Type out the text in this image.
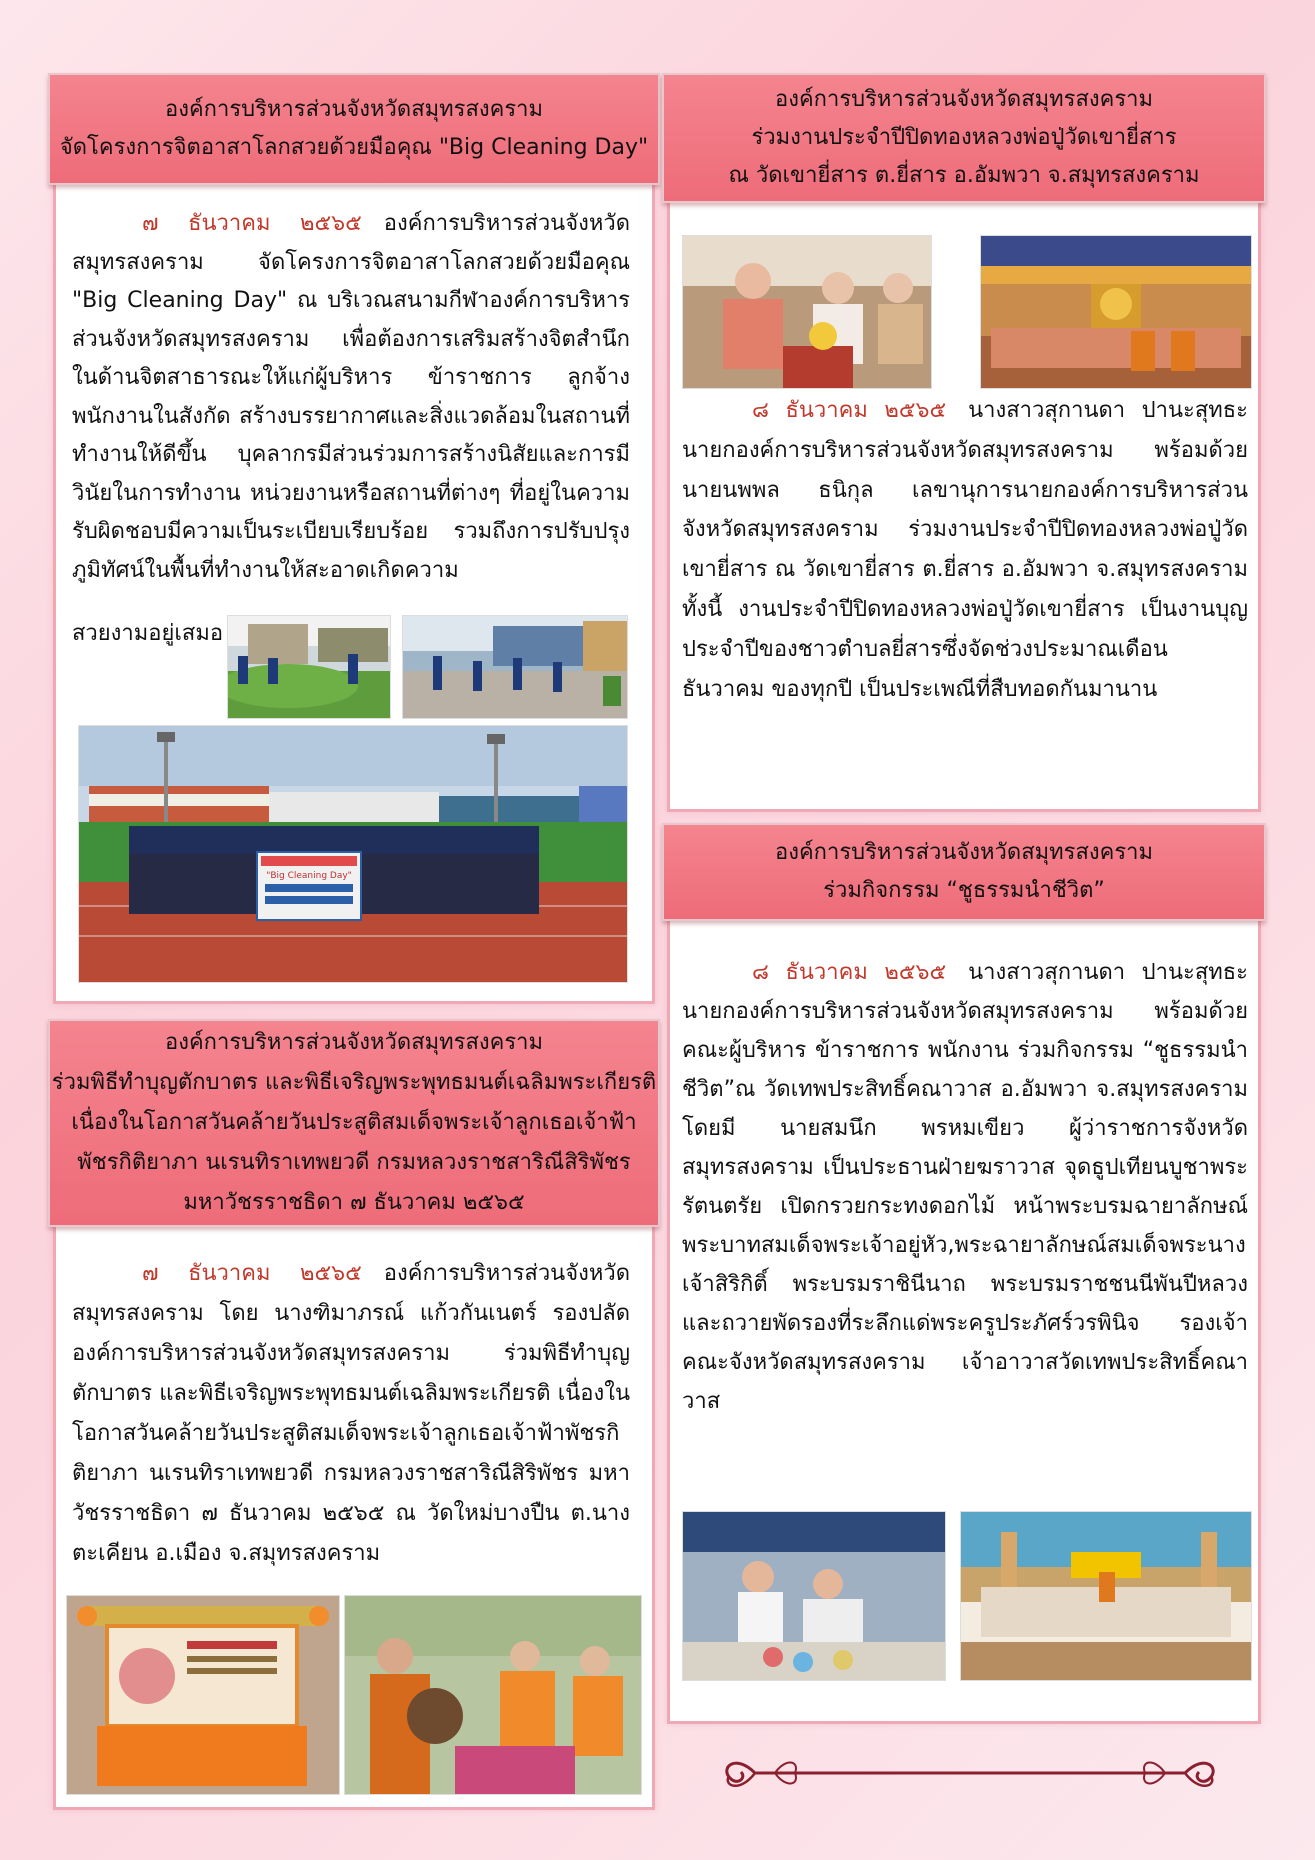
องค์การบริหารส่วนจังหวัดสมุทรสงคราม
จัดโครงการจิตอาสาโลกสวยด้วยมือคุณ "Big Cleaning Day"
๗ ธันวาคม ๒๕๖๕ องค์การบริหารส่วนจังหวัดสมุทรสงคราม จัดโครงการจิตอาสาโลกสวยด้วยมือคุณ "Big Cleaning Day" ณ บริเวณสนามกีฬาองค์การบริหารส่วนจังหวัดสมุทรสงคราม เพื่อต้องการเสริมสร้างจิตสำนึกในด้านจิตสาธารณะให้แก่ผู้บริหาร ข้าราชการ ลูกจ้าง พนักงานในสังกัด สร้างบรรยากาศและสิ่งแวดล้อมในสถานที่ทำงานให้ดีขึ้น บุคลากรมีส่วนร่วมการสร้างนิสัยและการมีวินัยในการทำงาน หน่วยงานหรือสถานที่ต่างๆ ที่อยู่ในความรับผิดชอบมีความเป็นระเบียบเรียบร้อย รวมถึงการปรับปรุงภูมิทัศน์ในพื้นที่ทำงานให้สะอาดเกิดความ
สวยงามอยู่เสมอ
"Big Cleaning Day"
องค์การบริหารส่วนจังหวัดสมุทรสงคราม
ร่วมงานประจำปีปิดทองหลวงพ่อปู่วัดเขายี่สาร
ณ วัดเขายี่สาร ต.ยี่สาร อ.อัมพวา จ.สมุทรสงคราม
๘ ธันวาคม ๒๕๖๕ นางสาวสุกานดา ปานะสุทธะ นายกองค์การบริหารส่วนจังหวัดสมุทรสงคราม พร้อมด้วย นายนพพล ธนิกุล เลขานุการนายกองค์การบริหารส่วนจังหวัดสมุทรสงคราม ร่วมงานประจำปีปิดทองหลวงพ่อปู่วัดเขายี่สาร ณ วัดเขายี่สาร ต.ยี่สาร อ.อัมพวา จ.สมุทรสงคราม ทั้งนี้ งานประจำปีปิดทองหลวงพ่อปู่วัดเขายี่สาร เป็นงานบุญประจำปีของชาวตำบลยี่สารซึ่งจัดช่วงประมาณเดือนธันวาคม ของทุกปี เป็นประเพณีที่สืบทอดกันมานาน
องค์การบริหารส่วนจังหวัดสมุทรสงคราม
ร่วมกิจกรรม “ชูธรรมนำชีวิต”
๘ ธันวาคม ๒๕๖๕ นางสาวสุกานดา ปานะสุทธะ นายกองค์การบริหารส่วนจังหวัดสมุทรสงคราม พร้อมด้วย คณะผู้บริหาร ข้าราชการ พนักงาน ร่วมกิจกรรม “ชูธรรมนำชีวิต”ณ วัดเทพประสิทธิ์คณาวาส อ.อัมพวา จ.สมุทรสงคราม โดยมี นายสมนึก พรหมเขียว ผู้ว่าราชการจังหวัดสมุทรสงคราม เป็นประธานฝ่ายฆราวาส จุดธูปเทียนบูชาพระรัตนตรัย เปิดกรวยกระทงดอกไม้ หน้าพระบรมฉายาลักษณ์พระบาทสมเด็จพระเจ้าอยู่หัว,พระฉายาลักษณ์สมเด็จพระนางเจ้าสิริกิติ์ พระบรมราชินีนาถ พระบรมราชชนนีพันปีหลวง และถวายพัดรองที่ระลึกแด่พระครูประภัศร์วรพินิจ รองเจ้าคณะจังหวัดสมุทรสงคราม เจ้าอาวาสวัดเทพประสิทธิ์คณาวาส
องค์การบริหารส่วนจังหวัดสมุทรสงคราม
ร่วมพิธีทำบุญตักบาตร และพิธีเจริญพระพุทธมนต์เฉลิมพระเกียรติ
เนื่องในโอกาสวันคล้ายวันประสูติสมเด็จพระเจ้าลูกเธอเจ้าฟ้า
พัชรกิติยาภา นเรนทิราเทพยวดี กรมหลวงราชสาริณีสิริพัชร
มหาวัชรราชธิดา ๗ ธันวาคม ๒๕๖๕
๗ ธันวาคม ๒๕๖๕ องค์การบริหารส่วนจังหวัดสมุทรสงคราม โดย นางฑิมาภรณ์ แก้วกันเนตร์ รองปลัดองค์การบริหารส่วนจังหวัดสมุทรสงคราม ร่วมพิธีทำบุญตักบาตร และพิธีเจริญพระพุทธมนต์เฉลิมพระเกียรติ เนื่องในโอกาสวันคล้ายวันประสูติสมเด็จพระเจ้าลูกเธอเจ้าฟ้าพัชรกิติยาภา นเรนทิราเทพยวดี กรมหลวงราชสาริณีสิริพัชร มหาวัชรราชธิดา ๗ ธันวาคม ๒๕๖๕ ณ วัดใหม่บางปืน ต.นางตะเคียน อ.เมือง จ.สมุทรสงคราม
